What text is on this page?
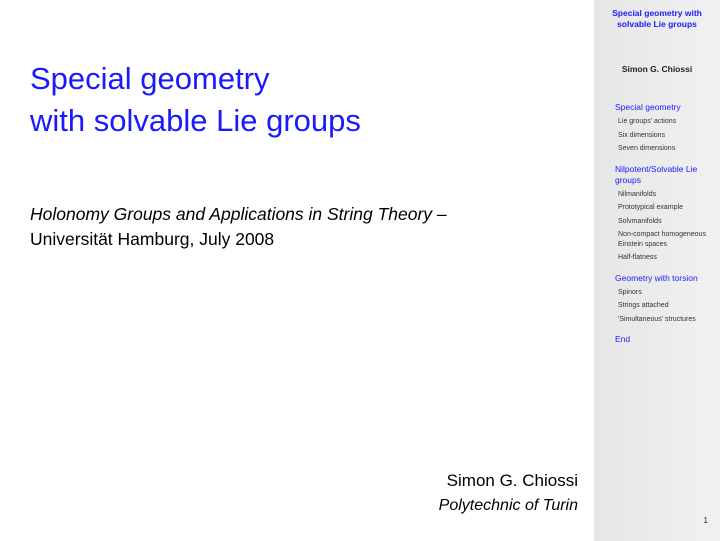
Special geometry
with solvable Lie groups
Holonomy Groups and Applications in String Theory –
Universität Hamburg, July 2008
Simon G. Chiossi
Polytechnic of Turin
Special geometry with solvable Lie groups
Simon G. Chiossi
Special geometry
Lie groups' actions
Six dimensions
Seven dimensions
Nilpotent/Solvable Lie groups
Nilmanifolds
Prototypical example
Solvmanifolds
Non-compact homogeneous Einstein spaces
Half-flatness
Geometry with torsion
Spinors
Strings attached
'Simultaneous' structures
End
1
